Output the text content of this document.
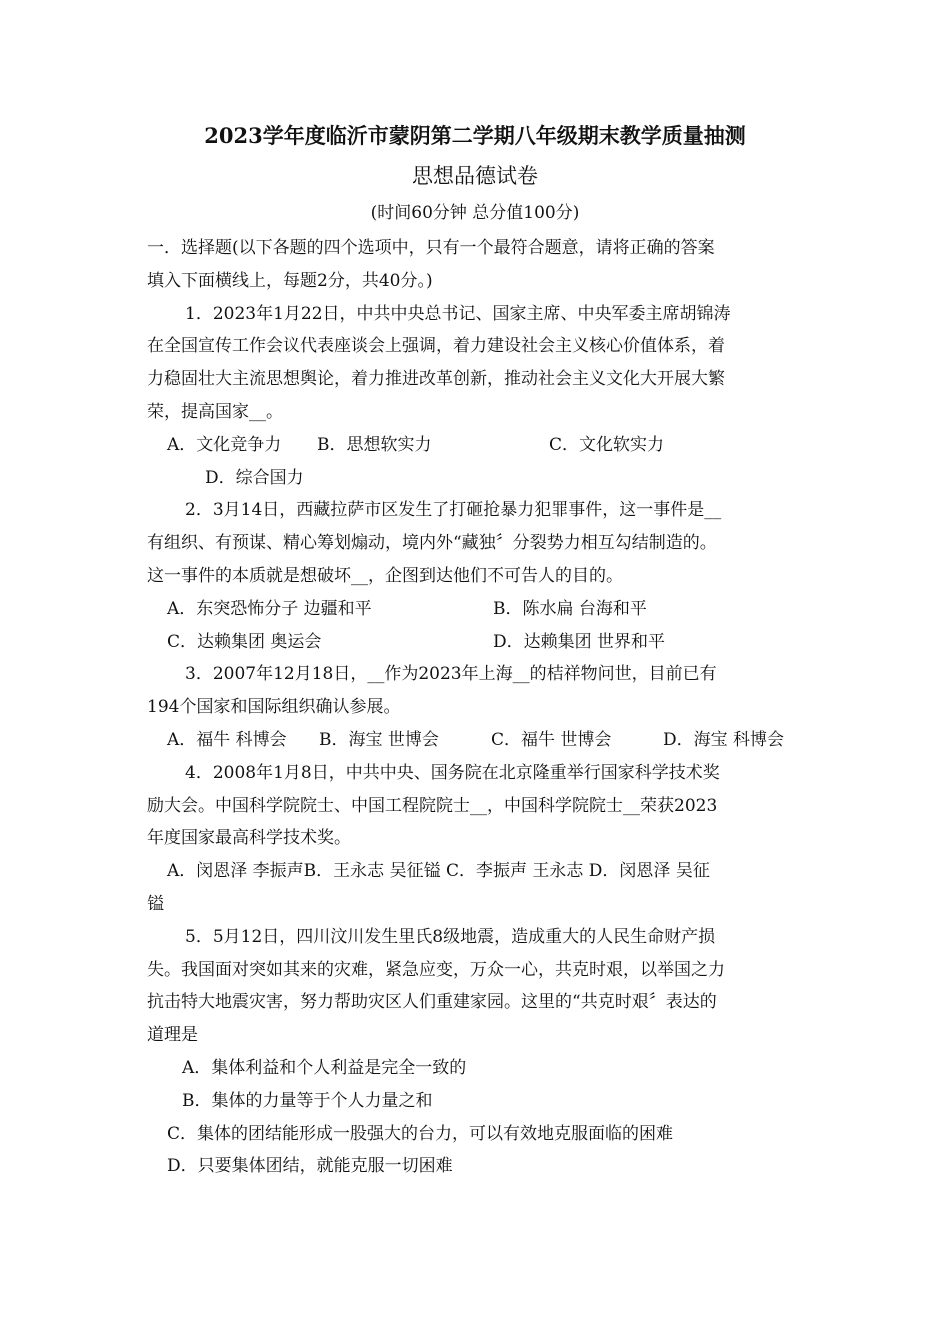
2023学年度临沂市蒙阴第二学期八年级期末教学质量抽测
思想品德试卷
(时间60分钟 总分值100分)

一．选择题(以下各题的四个选项中，只有一个最符合题意，请将正确的答案

填入下面横线上，每题2分，共40分。)

1．2023年1月22日，中共中央总书记、国家主席、中央军委主席胡锦涛

在全国宣传工作会议代表座谈会上强调，着力建设社会主义核心价值体系，着

力稳固壮大主流思想舆论，着力推进改革创新，推动社会主义文化大开展大繁

荣，提高国家__。

A．文化竞争力	B．思想软实力	C．文化软实力

D．综合国力

2．3月14日，西藏拉萨市区发生了打砸抢暴力犯罪事件，这一事件是__

有组织、有预谋、精心筹划煽动，境内外“藏独〞分裂势力相互勾结制造的。

这一事件的本质就是想破坏__，企图到达他们不可告人的目的。

A．东突恐怖分子 边疆和平	B．陈水扁 台海和平
C．达赖集团 奥运会	D．达赖集团 世界和平

3．2007年12月18日，__作为2023年上海__的桔祥物问世，目前已有

194个国家和国际组织确认参展。

A．福牛 科博会	B．海宝 世博会	C．福牛 世博会	D．海宝 科博会

4．2008年1月8日，中共中央、国务院在北京隆重举行国家科学技术奖

励大会。中国科学院院士、中国工程院院士__，中国科学院院士__荣获2023

年度国家最高科学技术奖。

A．闵恩泽 李振声B．王永志 吴征镒 C．李振声 王永志 D．闵恩泽 吴征

镒

5．5月12日，四川汶川发生里氏8级地震，造成重大的人民生命财产损

失。我国面对突如其来的灾难，紧急应变，万众一心，共克时艰，以举国之力

抗击特大地震灾害，努力帮助灾区人们重建家园。这里的“共克时艰〞表达的

道理是

A．集体利益和个人利益是完全一致的

B．集体的力量等于个人力量之和

C．集体的团结能形成一股强大的台力，可以有效地克服面临的困难

D．只要集体团结，就能克服一切困难
